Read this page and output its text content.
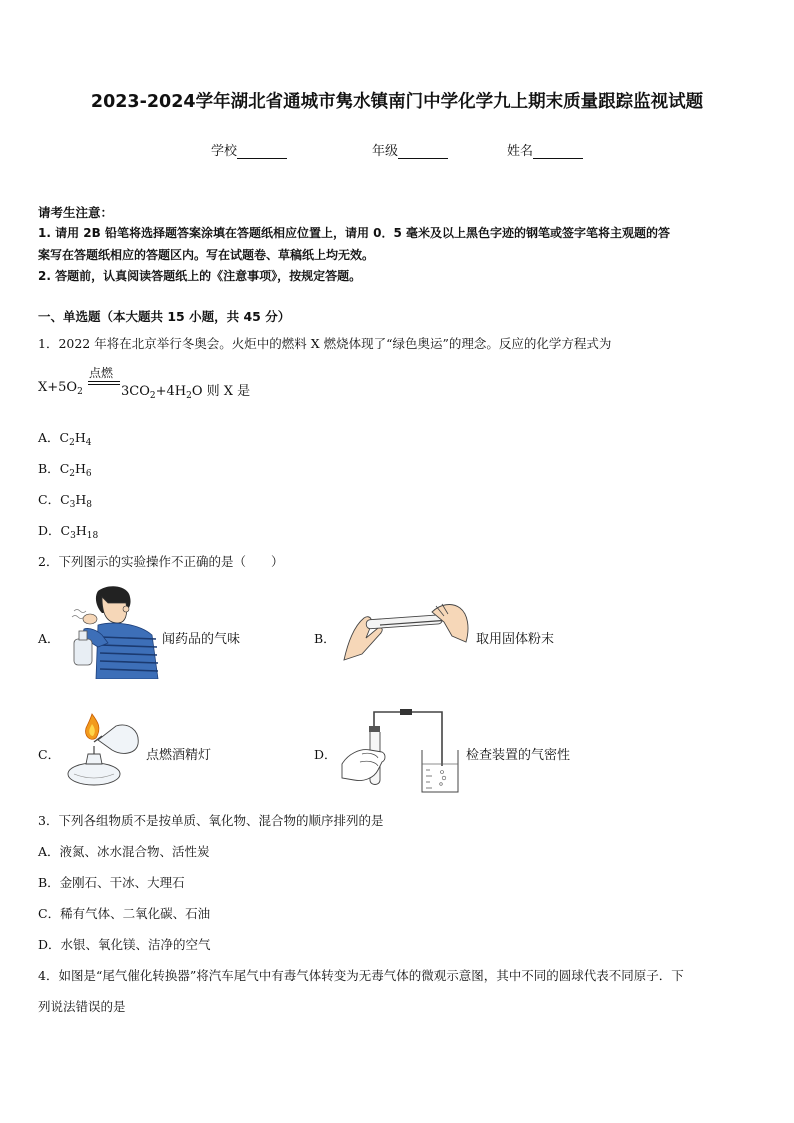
2023-2024学年湖北省通城市隽水镇南门中学化学九上期末质量跟踪监视试题
学校	年级	姓名
请考生注意：
1. 请用 2B 铅笔将选择题答案涂填在答题纸相应位置上，请用 0．5 毫米及以上黑色字迹的钢笔或签字笔将主观题的答
案写在答题纸相应的答题区内。写在试题卷、草稿纸上均无效。
2. 答题前，认真阅读答题纸上的《注意事项》，按规定答题。
一、单选题（本大题共 15 小题，共 45 分）
1．2022 年将在北京举行冬奥会。火炬中的燃料 X 燃烧体现了“绿色奥运”的理念。反应的化学方程式为
$X+5O_2$
点燃
$3CO_2+4H_2O$ 则 X 是
A．$C_2H_4$
B．$C_2H_6$
C．$C_3H_8$
D．$C_3H_{18}$
2．下列图示的实验操作不正确的是（　　）
A．	闻药品的气味	B．	取用固体粉末
C．	点燃酒精灯	D．	检查装置的气密性
3．下列各组物质不是按单质、氧化物、混合物的顺序排列的是
A．液氮、冰水混合物、活性炭
B．金刚石、干冰、大理石
C．稀有气体、二氧化碳、石油
D．水银、氧化镁、洁净的空气
4．如图是“尾气催化转换器”将汽车尾气中有毒气体转变为无毒气体的微观示意图，其中不同的圆球代表不同原子．下
列说法错误的是
